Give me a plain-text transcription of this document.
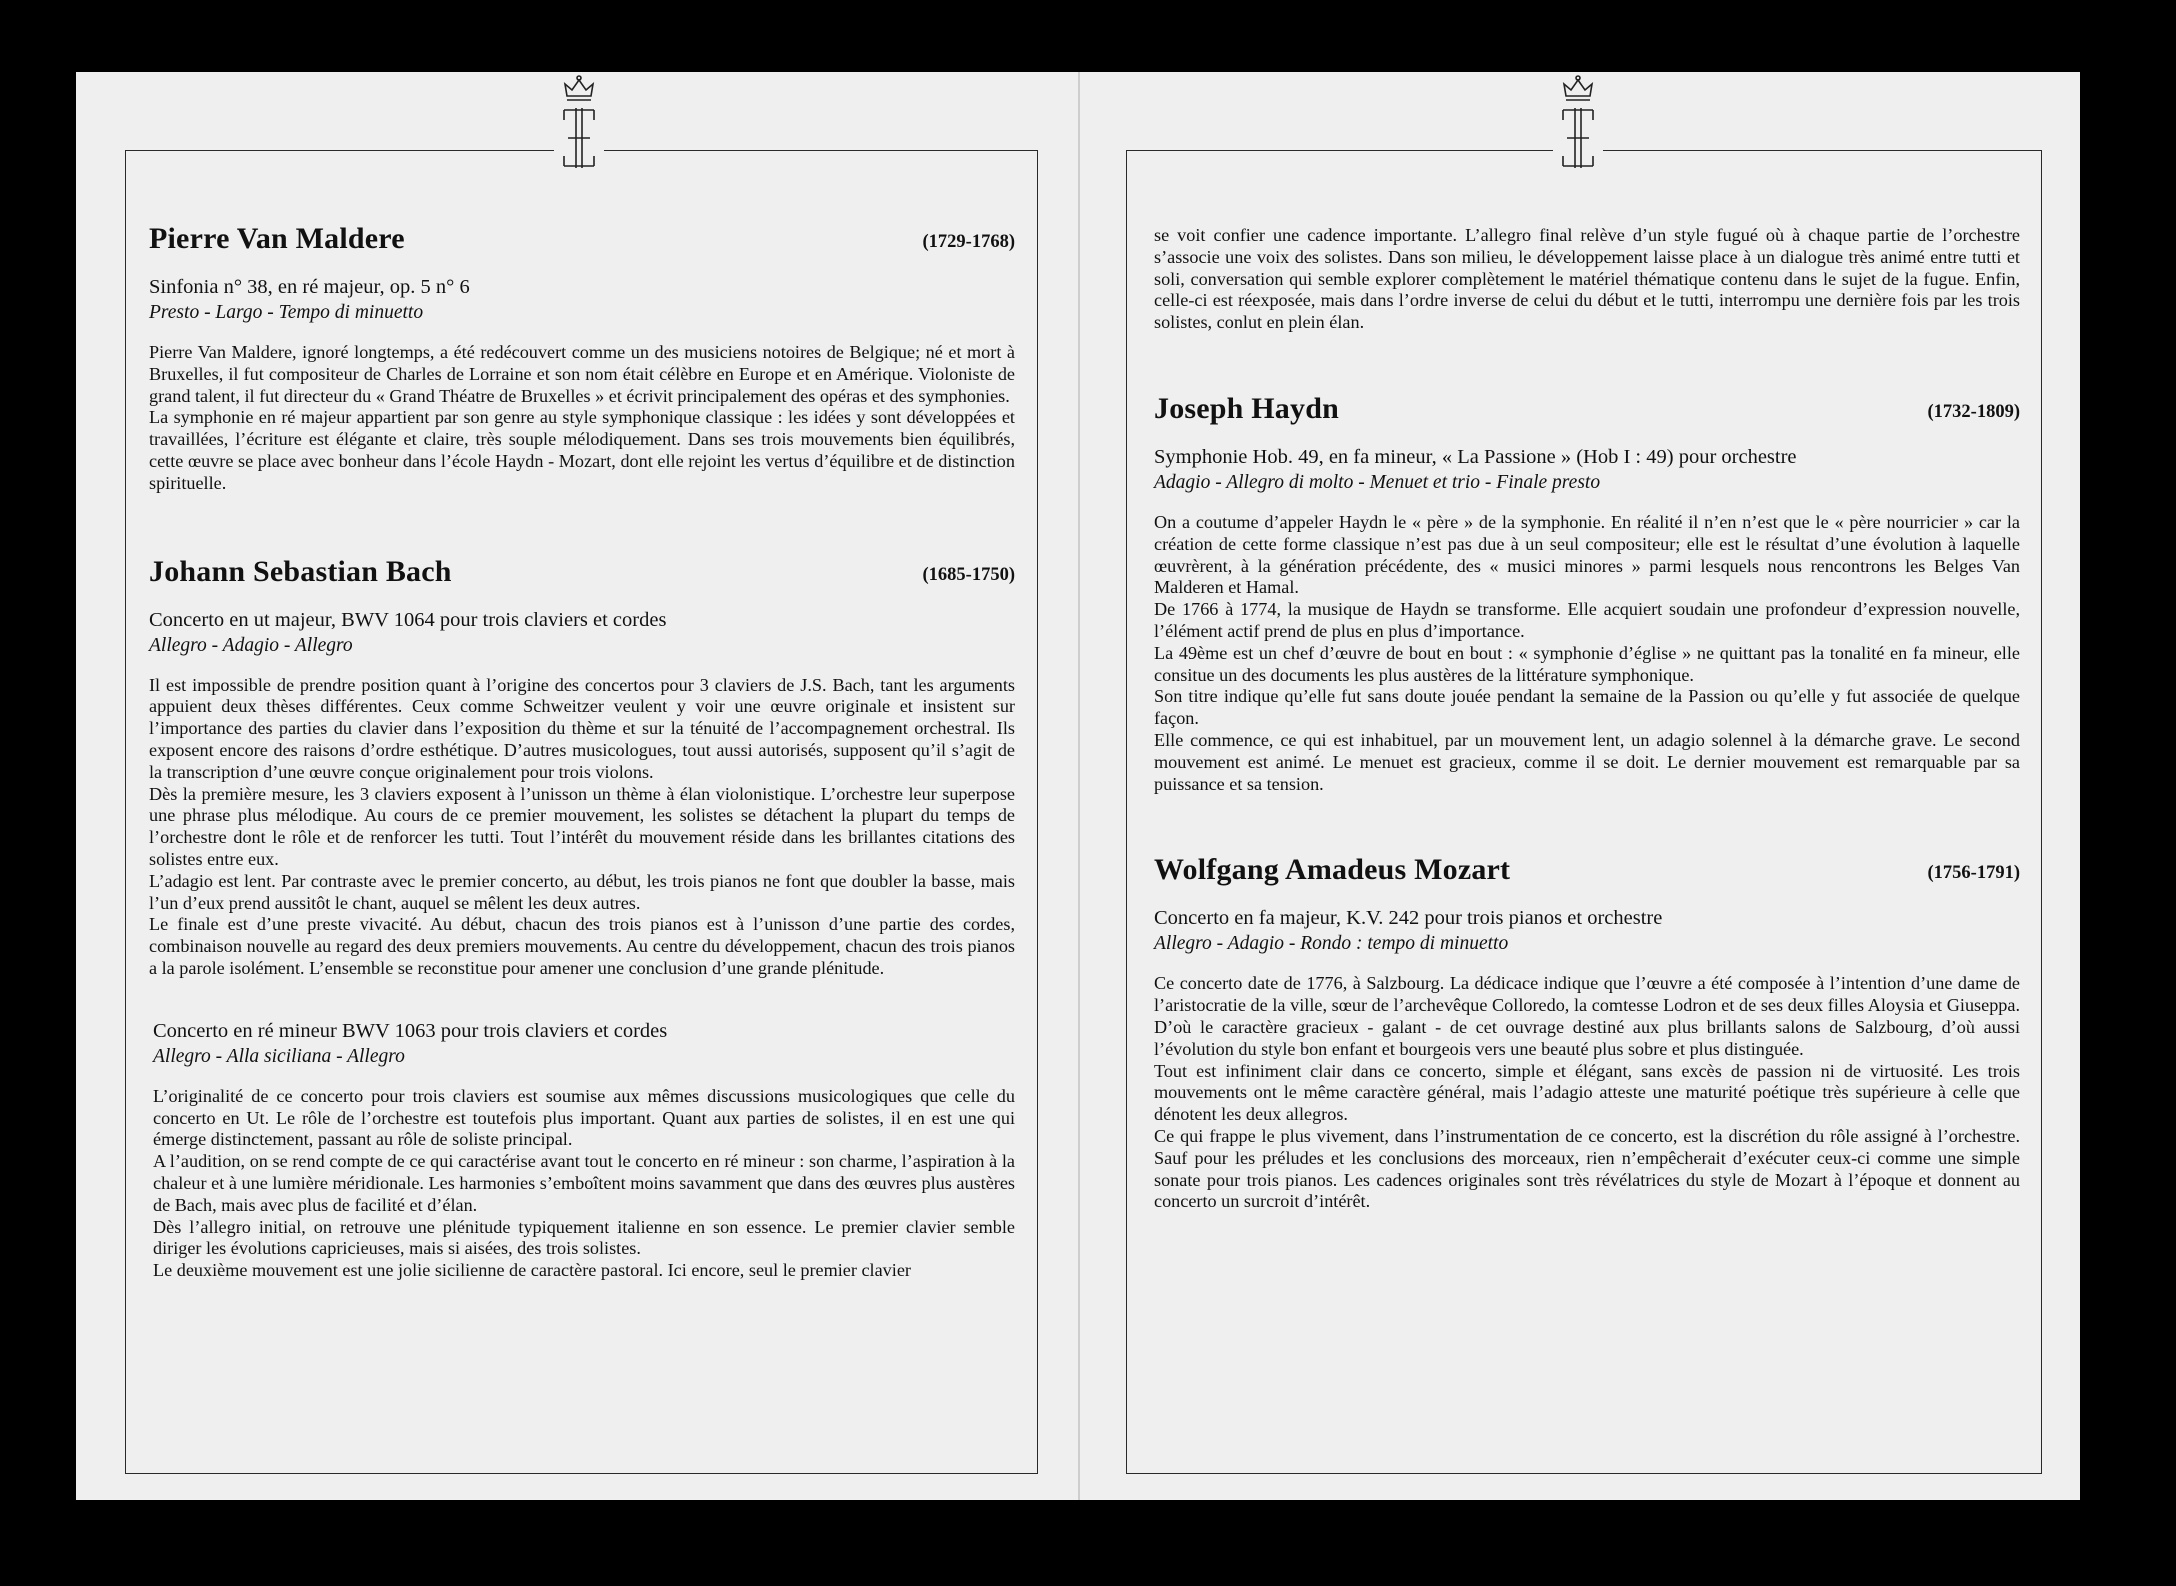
Pierre Van Maldere	(1729-1768)
Sinfonia n° 38, en ré majeur, op. 5 n° 6
Presto - Largo - Tempo di minuetto

Pierre Van Maldere, ignoré longtemps, a été redécouvert comme un des musiciens notoires de Belgique; né et mort à Bruxelles, il fut compositeur de Charles de Lorraine et son nom était célèbre en Europe et en Amérique. Violoniste de grand talent, il fut directeur du « Grand Théatre de Bruxelles » et écrivit principalement des opéras et des symphonies.
La symphonie en ré majeur appartient par son genre au style symphonique classique : les idées y sont développées et travaillées, l’écriture est élégante et claire, très souple mélodiquement. Dans ses trois mouvements bien équilibrés, cette œuvre se place avec bonheur dans l’école Haydn - Mozart, dont elle rejoint les vertus d’équilibre et de distinction spirituelle.

Johann Sebastian Bach	(1685-1750)
Concerto en ut majeur, BWV 1064 pour trois claviers et cordes
Allegro - Adagio - Allegro

Il est impossible de prendre position quant à l’origine des concertos pour 3 claviers de J.S. Bach, tant les arguments appuient deux thèses différentes. Ceux comme Schweitzer veulent y voir une œuvre originale et insistent sur l’importance des parties du clavier dans l’exposition du thème et sur la ténuité de l’accompagnement orchestral. Ils exposent encore des raisons d’ordre esthétique. D’autres musicologues, tout aussi autorisés, supposent qu’il s’agit de la transcription d’une œuvre conçue originalement pour trois violons.
Dès la première mesure, les 3 claviers exposent à l’unisson un thème à élan violonistique. L’orchestre leur superpose une phrase plus mélodique. Au cours de ce premier mouvement, les solistes se détachent la plupart du temps de l’orchestre dont le rôle et de renforcer les tutti. Tout l’intérêt du mouvement réside dans les brillantes citations des solistes entre eux.
L’adagio est lent. Par contraste avec le premier concerto, au début, les trois pianos ne font que doubler la basse, mais l’un d’eux prend aussitôt le chant, auquel se mêlent les deux autres.
Le finale est d’une preste vivacité. Au début, chacun des trois pianos est à l’unisson d’une partie des cordes, combinaison nouvelle au regard des deux premiers mouvements. Au centre du développement, chacun des trois pianos a la parole isolément. L’ensemble se reconstitue pour amener une conclusion d’une grande plénitude.

Concerto en ré mineur BWV 1063 pour trois claviers et cordes
Allegro - Alla siciliana - Allegro

L’originalité de ce concerto pour trois claviers est soumise aux mêmes discussions musicologiques que celle du concerto en Ut. Le rôle de l’orchestre est toutefois plus important. Quant aux parties de solistes, il en est une qui émerge distinctement, passant au rôle de soliste principal.
A l’audition, on se rend compte de ce qui caractérise avant tout le concerto en ré mineur : son charme, l’aspiration à la chaleur et à une lumière méridionale. Les harmonies s’emboîtent moins savamment que dans des œuvres plus austères de Bach, mais avec plus de facilité et d’élan.
Dès l’allegro initial, on retrouve une plénitude typiquement italienne en son essence. Le premier clavier semble diriger les évolutions capricieuses, mais si aisées, des trois solistes.
Le deuxième mouvement est une jolie sicilienne de caractère pastoral. Ici encore, seul le premier clavier

se voit confier une cadence importante. L’allegro final relève d’un style fugué où à chaque partie de l’orchestre s’associe une voix des solistes. Dans son milieu, le développement laisse place à un dialogue très animé entre tutti et soli, conversation qui semble explorer complètement le matériel thématique contenu dans le sujet de la fugue. Enfin, celle-ci est réexposée, mais dans l’ordre inverse de celui du début et le tutti, interrompu une dernière fois par les trois solistes, conlut en plein élan.

Joseph Haydn	(1732-1809)
Symphonie Hob. 49, en fa mineur, « La Passione » (Hob I : 49) pour orchestre
Adagio - Allegro di molto - Menuet et trio - Finale presto

On a coutume d’appeler Haydn le « père » de la symphonie. En réalité il n’en n’est que le « père nourricier » car la création de cette forme classique n’est pas due à un seul compositeur; elle est le résultat d’une évolution à laquelle œuvrèrent, à la génération précédente, des « musici minores » parmi lesquels nous rencontrons les Belges Van Malderen et Hamal.
De 1766 à 1774, la musique de Haydn se transforme. Elle acquiert soudain une profondeur d’expression nouvelle, l’élément actif prend de plus en plus d’importance.
La 49ème est un chef d’œuvre de bout en bout : « symphonie d’église » ne quittant pas la tonalité en fa mineur, elle consitue un des documents les plus austères de la littérature symphonique.
Son titre indique qu’elle fut sans doute jouée pendant la semaine de la Passion ou qu’elle y fut associée de quelque façon.
Elle commence, ce qui est inhabituel, par un mouvement lent, un adagio solennel à la démarche grave. Le second mouvement est animé. Le menuet est gracieux, comme il se doit. Le dernier mouvement est remarquable par sa puissance et sa tension.

Wolfgang Amadeus Mozart	(1756-1791)
Concerto en fa majeur, K.V. 242 pour trois pianos et orchestre
Allegro - Adagio - Rondo : tempo di minuetto

Ce concerto date de 1776, à Salzbourg. La dédicace indique que l’œuvre a été composée à l’intention d’une dame de l’aristocratie de la ville, sœur de l’archevêque Colloredo, la comtesse Lodron et de ses deux filles Aloysia et Giuseppa. D’où le caractère gracieux - galant - de cet ouvrage destiné aux plus brillants salons de Salzbourg, d’où aussi l’évolution du style bon enfant et bourgeois vers une beauté plus sobre et plus distinguée.
Tout est infiniment clair dans ce concerto, simple et élégant, sans excès de passion ni de virtuosité. Les trois mouvements ont le même caractère général, mais l’adagio atteste une maturité poétique très supérieure à celle que dénotent les deux allegros.
Ce qui frappe le plus vivement, dans l’instrumentation de ce concerto, est la discrétion du rôle assigné à l’orchestre. Sauf pour les préludes et les conclusions des morceaux, rien n’empêcherait d’exécuter ceux-ci comme une simple sonate pour trois pianos. Les cadences originales sont très révélatrices du style de Mozart à l’époque et donnent au concerto un surcroit d’intérêt.
